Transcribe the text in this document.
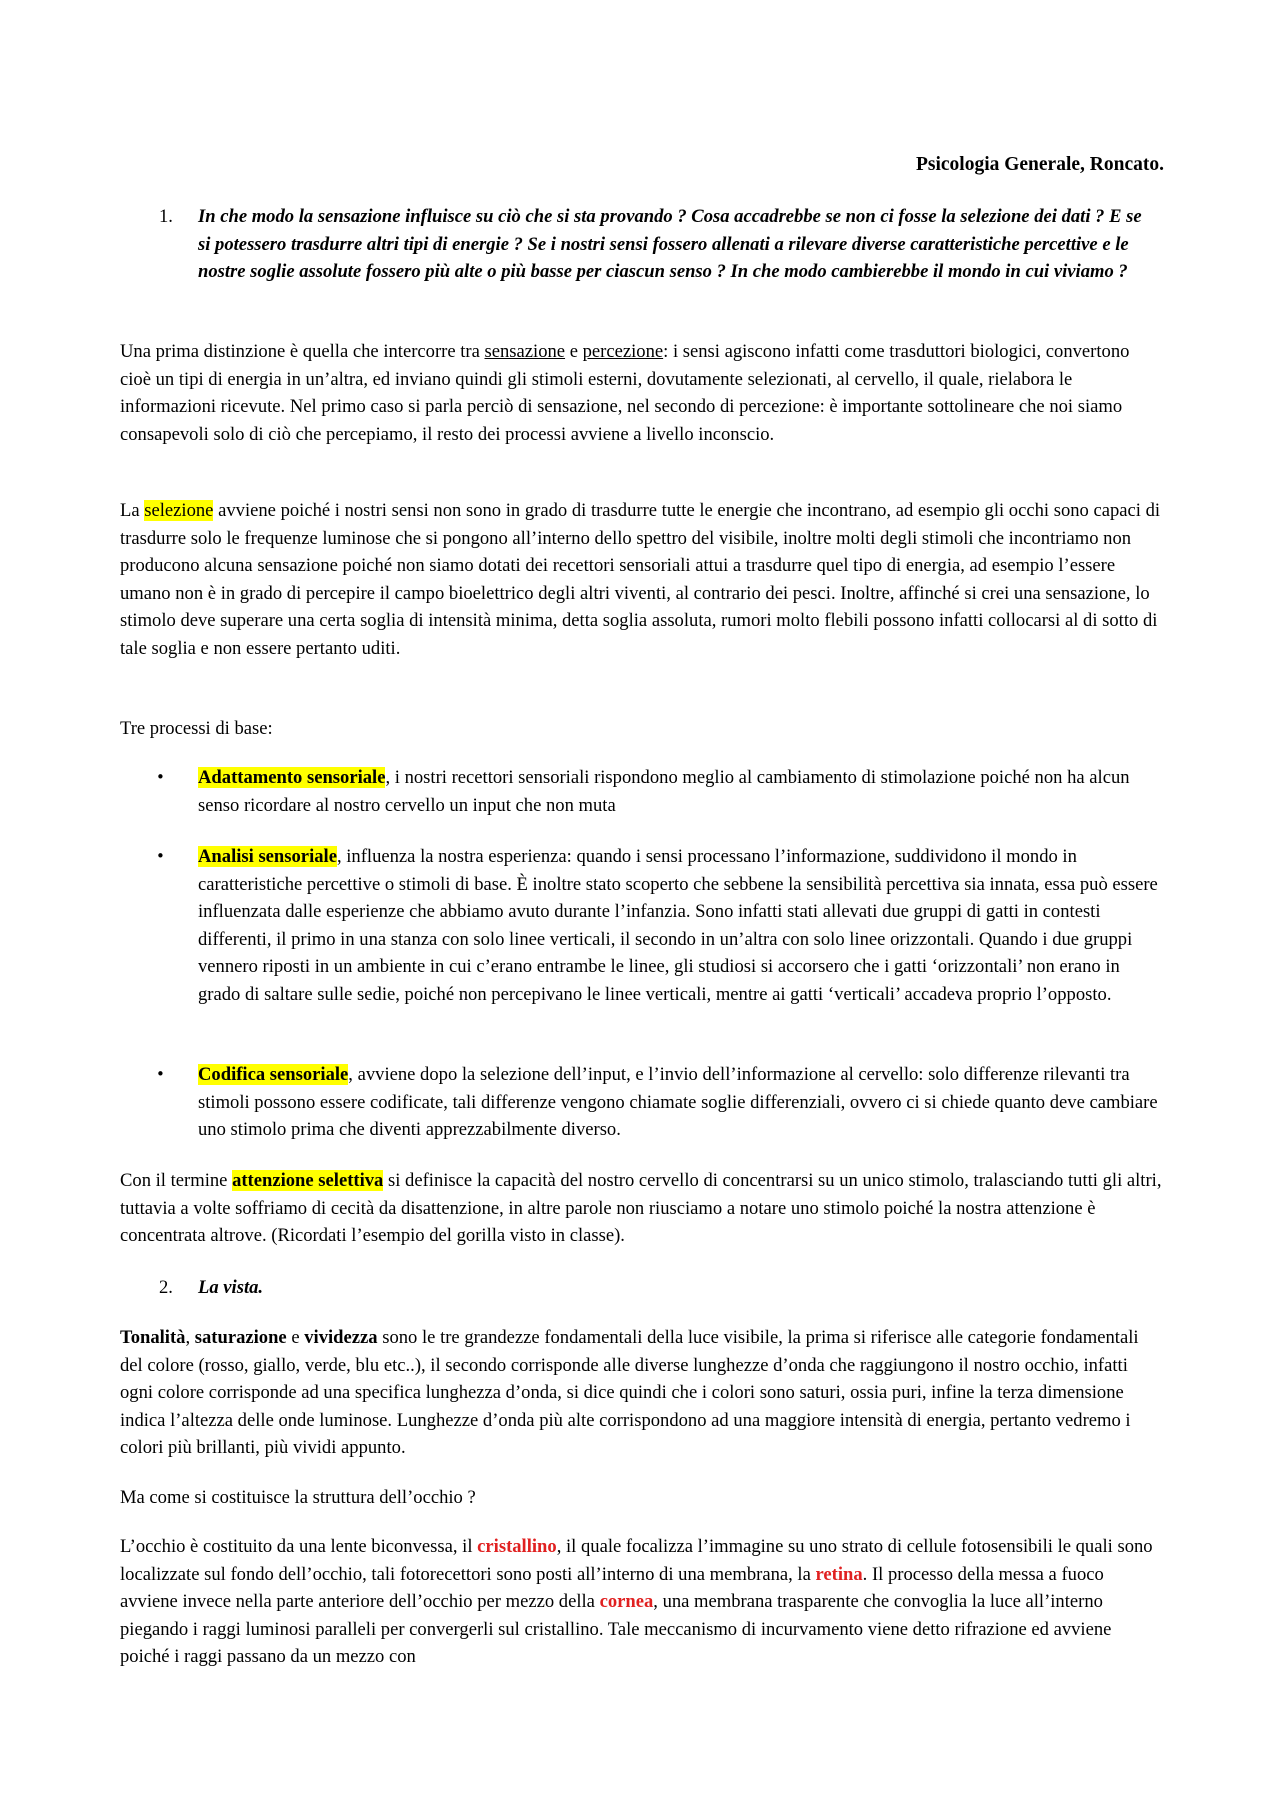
Psicologia Generale, Roncato.
1. In che modo la sensazione influisce su ciò che si sta provando ? Cosa accadrebbe se non ci fosse la selezione dei dati ? E se si potessero trasdurre altri tipi di energie ? Se i nostri sensi fossero allenati a rilevare diverse caratteristiche percettive e le nostre soglie assolute fossero più alte o più basse per ciascun senso ? In che modo cambierebbe il mondo in cui viviamo ?

Una prima distinzione è quella che intercorre tra sensazione e percezione: i sensi agiscono infatti come trasduttori biologici, convertono cioè un tipi di energia in un’altra, ed inviano quindi gli stimoli esterni, dovutamente selezionati, al cervello, il quale, rielabora le informazioni ricevute. Nel primo caso si parla perciò di sensazione, nel secondo di percezione: è importante sottolineare che noi siamo consapevoli solo di ciò che percepiamo, il resto dei processi avviene a livello inconscio.

La selezione avviene poiché i nostri sensi non sono in grado di trasdurre tutte le energie che incontrano, ad esempio gli occhi sono capaci di trasdurre solo le frequenze luminose che si pongono all’interno dello spettro del visibile, inoltre molti degli stimoli che incontriamo non producono alcuna sensazione poiché non siamo dotati dei recettori sensoriali attui a trasdurre quel tipo di energia, ad esempio l’essere umano non è in grado di percepire il campo bioelettrico degli altri viventi, al contrario dei pesci. Inoltre, affinché si crei una sensazione, lo stimolo deve superare una certa soglia di intensità minima, detta soglia assoluta, rumori molto flebili possono infatti collocarsi al di sotto di tale soglia e non essere pertanto uditi.

Tre processi di base:

• Adattamento sensoriale, i nostri recettori sensoriali rispondono meglio al cambiamento di stimolazione poiché non ha alcun senso ricordare al nostro cervello un input che non muta
• Analisi sensoriale, influenza la nostra esperienza: quando i sensi processano l’informazione, suddividono il mondo in caratteristiche percettive o stimoli di base. È inoltre stato scoperto che sebbene la sensibilità percettiva sia innata, essa può essere influenzata dalle esperienze che abbiamo avuto durante l’infanzia. Sono infatti stati allevati due gruppi di gatti in contesti differenti, il primo in una stanza con solo linee verticali, il secondo in un’altra con solo linee orizzontali. Quando i due gruppi vennero riposti in un ambiente in cui c’erano entrambe le linee, gli studiosi si accorsero che i gatti ‘orizzontali’ non erano in grado di saltare sulle sedie, poiché non percepivano le linee verticali, mentre ai gatti ‘verticali’ accadeva proprio l’opposto.
• Codifica sensoriale, avviene dopo la selezione dell’input, e l’invio dell’informazione al cervello: solo differenze rilevanti tra stimoli possono essere codificate, tali differenze vengono chiamate soglie differenziali, ovvero ci si chiede quanto deve cambiare uno stimolo prima che diventi apprezzabilmente diverso.

Con il termine attenzione selettiva si definisce la capacità del nostro cervello di concentrarsi su un unico stimolo, tralasciando tutti gli altri, tuttavia a volte soffriamo di cecità da disattenzione, in altre parole non riusciamo a notare uno stimolo poiché la nostra attenzione è concentrata altrove. (Ricordati l’esempio del gorilla visto in classe).

2. La vista.

Tonalità, saturazione e vividezza sono le tre grandezze fondamentali della luce visibile, la prima si riferisce alle categorie fondamentali del colore (rosso, giallo, verde, blu etc..), il secondo corrisponde alle diverse lunghezze d’onda che raggiungono il nostro occhio, infatti ogni colore corrisponde ad una specifica lunghezza d’onda, si dice quindi che i colori sono saturi, ossia puri, infine la terza dimensione indica l’altezza delle onde luminose. Lunghezze d’onda più alte corrispondono ad una maggiore intensità di energia, pertanto vedremo i colori più brillanti, più vividi appunto.

Ma come si costituisce la struttura dell’occhio ?

L’occhio è costituito da una lente biconvessa, il cristallino, il quale focalizza l’immagine su uno strato di cellule fotosensibili le quali sono localizzate sul fondo dell’occhio, tali fotorecettori sono posti all’interno di una membrana, la retina. Il processo della messa a fuoco avviene invece nella parte anteriore dell’occhio per mezzo della cornea, una membrana trasparente che convoglia la luce all’interno piegando i raggi luminosi paralleli per convergerli sul cristallino. Tale meccanismo di incurvamento viene detto rifrazione ed avviene poiché i raggi passano da un mezzo con
